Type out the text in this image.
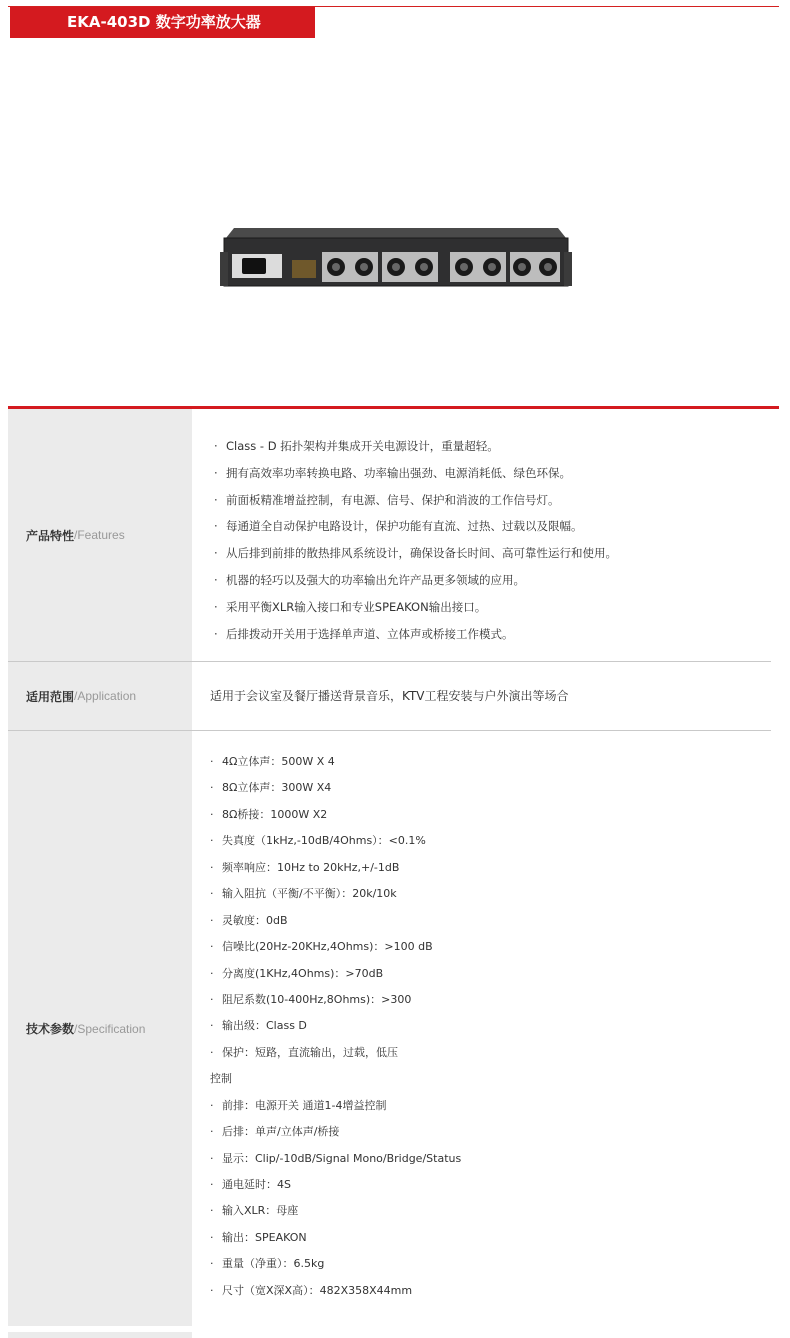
EKA-403D 数字功率放大器
产品特性 /Features
· Class - D 拓扑架构并集成开关电源设计，重量超轻。
· 拥有高效率功率转换电路、功率输出强劲、电源消耗低、绿色环保。
· 前面板精准增益控制，有电源、信号、保护和消波的工作信号灯。
· 每通道全自动保护电路设计，保护功能有直流、过热、过载以及限幅。
· 从后排到前排的散热排风系统设计，确保设备长时间、高可靠性运行和使用。
· 机器的轻巧以及强大的功率输出允许产品更多领域的应用。
· 采用平衡XLR输入接口和专业SPEAKON输出接口。
· 后排拨动开关用于选择单声道、立体声或桥接工作模式。
适用范围 /Application	适用于会议室及餐厅播送背景音乐，KTV工程安装与户外演出等场合
技术参数 /Specification
· 4Ω立体声：500W X 4
· 8Ω立体声：300W X4
· 8Ω桥接：1000W X2
· 失真度（1kHz,-10dB/4Ohms）：<0.1%
· 频率响应：10Hz to 20kHz,+/-1dB
· 输入阻抗（平衡/不平衡）：20k/10k
· 灵敏度：0dB
· 信噪比(20Hz-20KHz,4Ohms)：>100 dB
· 分离度(1KHz,4Ohms)：>70dB
· 阻尼系数(10-400Hz,8Ohms)：>300
· 输出级：Class D
· 保护：短路，直流输出，过载，低压
控制
· 前排：电源开关 通道1-4增益控制
· 后排：单声/立体声/桥接
· 显示：Clip/-10dB/Signal Mono/Bridge/Status
· 通电延时：4S
· 输入XLR：母座
· 输出：SPEAKON
· 重量（净重）：6.5kg
· 尺寸（宽X深X高）：482X358X44mm
